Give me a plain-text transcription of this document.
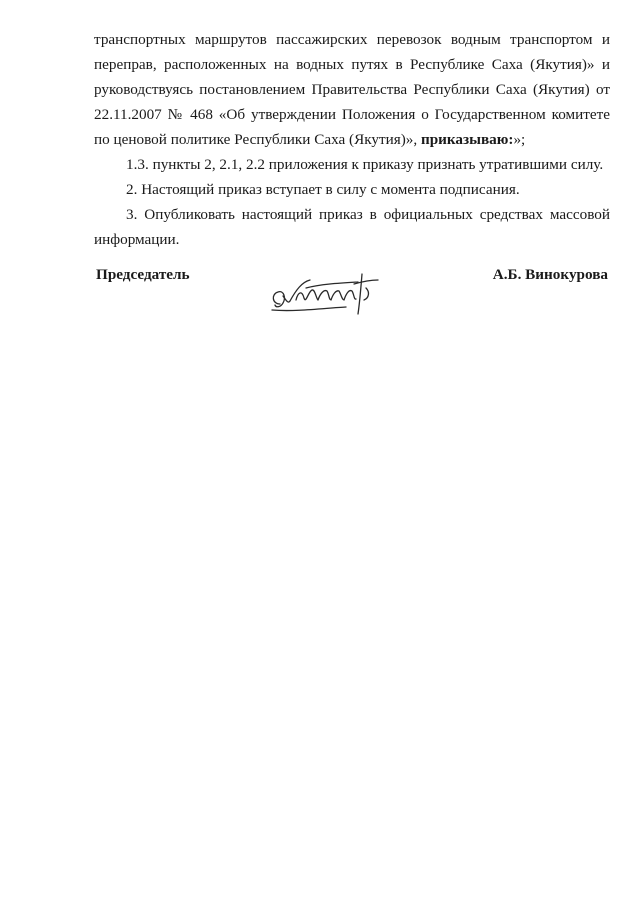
транспортных маршрутов пассажирских перевозок водным транспортом и переправ, расположенных на водных путях в Республике Саха (Якутия)» и руководствуясь постановлением Правительства Республики Саха (Якутия) от 22.11.2007 № 468 «Об утверждении Положения о Государственном комитете по ценовой политике Республики Саха (Якутия)», приказываю:»;

1.3. пункты 2, 2.1, 2.2 приложения к приказу признать утратившими силу.

2. Настоящий приказ вступает в силу с момента подписания.

3. Опубликовать настоящий приказ в официальных средствах массовой информации.

Председатель	А.Б. Винокурова
